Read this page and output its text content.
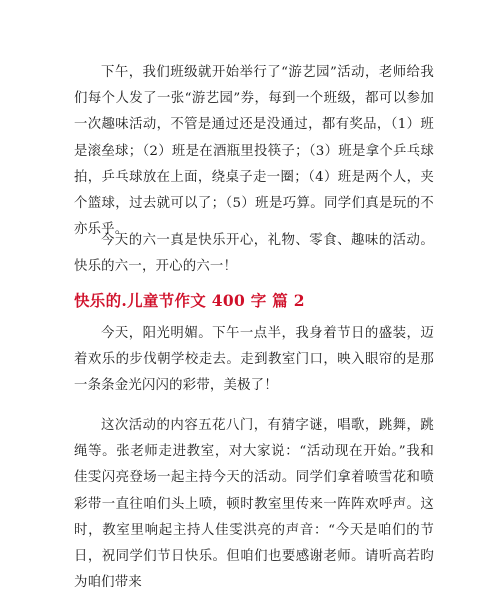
下午，我们班级就开始举行了“游艺园”活动，老师给我们每个人发了一张“游艺园”券，每到一个班级，都可以参加一次趣味活动，不管是通过还是没通过，都有奖品，（1）班是滚垒球；（2）班是在酒瓶里投筷子；（3）班是拿个乒乓球拍，乒乓球放在上面，绕桌子走一圈；（4）班是两个人，夹个篮球，过去就可以了；（5）班是巧算。同学们真是玩的不亦乐乎。

今天的六一真是快乐开心，礼物、零食、趣味的活动。快乐的六一，开心的六一！

快乐的.儿童节作文 400 字 篇 2

今天，阳光明媚。下午一点半，我身着节日的盛装，迈着欢乐的步伐朝学校走去。走到教室门口，映入眼帘的是那一条条金光闪闪的彩带，美极了！

这次活动的内容五花八门，有猜字谜，唱歌，跳舞，跳绳等。张老师走进教室，对大家说：“活动现在开始。”我和佳雯闪亮登场一起主持今天的活动。同学们拿着喷雪花和喷彩带一直往咱们头上喷，顿时教室里传来一阵阵欢呼声。这时，教室里响起主持人佳雯洪亮的声音：“今天是咱们的节日，祝同学们节日快乐。但咱们也要感谢老师。请听高若昀为咱们带来
